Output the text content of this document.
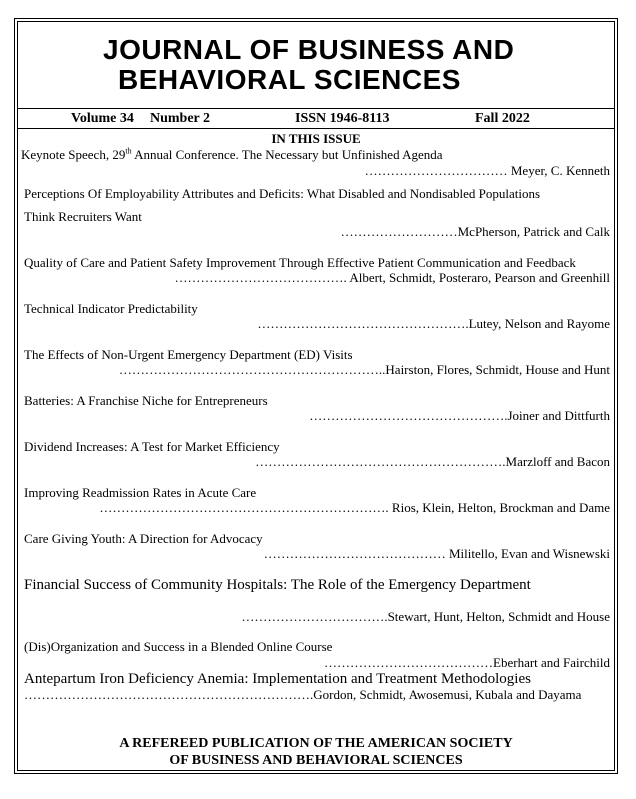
JOURNAL OF BUSINESS AND
BEHAVIORAL SCIENCES
Volume 34 Number 2	ISSN 1946-8113	Fall 2022
IN THIS ISSUE
Keynote Speech, 29th Annual Conference. The Necessary but Unfinished Agenda
…………………………… Meyer, C. Kenneth
Perceptions Of Employability Attributes and Deficits: What Disabled and Nondisabled Populations
Think Recruiters Want
………………………McPherson, Patrick and Calk
Quality of Care and Patient Safety Improvement Through Effective Patient Communication and Feedback
…………………………………. Albert, Schmidt, Posteraro, Pearson and Greenhill
Technical Indicator Predictability
………………………………………….Lutey, Nelson and Rayome
The Effects of Non-Urgent Emergency Department (ED) Visits
……………………………………………………..Hairston, Flores, Schmidt, House and Hunt
Batteries: A Franchise Niche for Entrepreneurs
……………………………………….Joiner and Dittfurth
Dividend Increases: A Test for Market Efficiency
………………………………………………….Marzloff and Bacon
Improving Readmission Rates in Acute Care
…………………………………………………………. Rios, Klein, Helton, Brockman and Dame
Care Giving Youth: A Direction for Advocacy
…………………………………… Militello, Evan and Wisnewski
Financial Success of Community Hospitals: The Role of the Emergency Department
…………………………….Stewart, Hunt, Helton, Schmidt and House
(Dis)Organization and Success in a Blended Online Course
…………………………………Eberhart and Fairchild
Antepartum Iron Deficiency Anemia: Implementation and Treatment Methodologies
………………………………………………………….Gordon, Schmidt, Awosemusi, Kubala and Dayama
A REFEREED PUBLICATION OF THE AMERICAN SOCIETY
OF BUSINESS AND BEHAVIORAL SCIENCES
